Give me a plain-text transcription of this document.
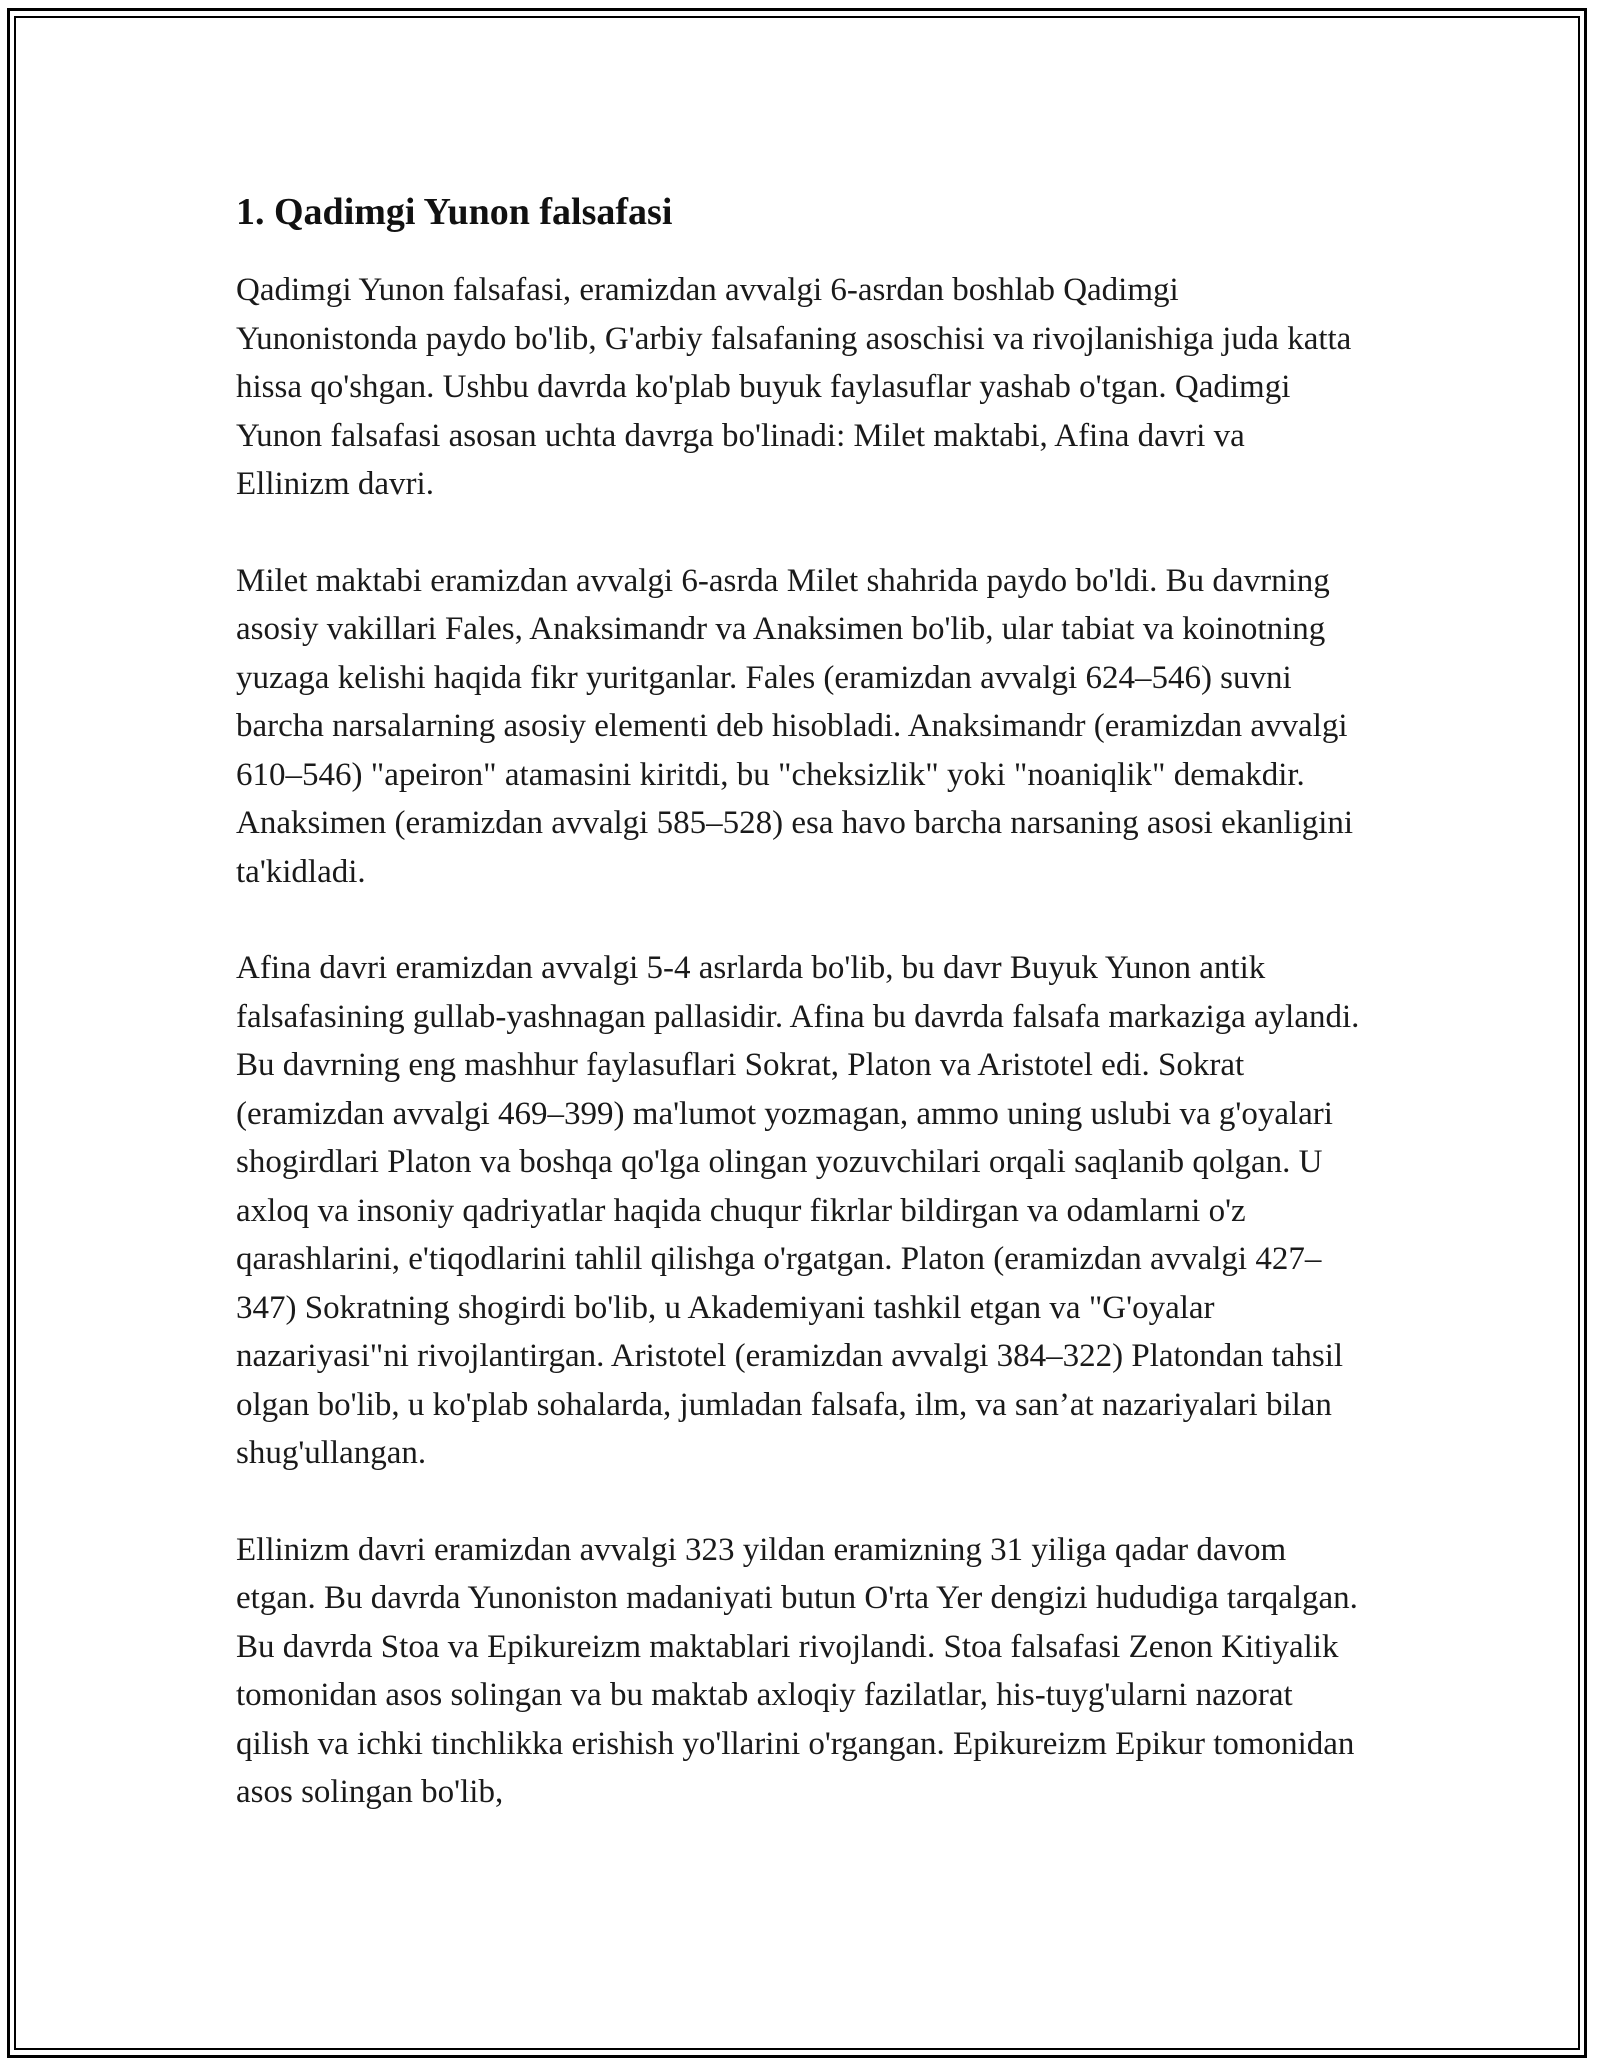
1. Qadimgi Yunon falsafasi

Qadimgi Yunon falsafasi, eramizdan avvalgi 6-asrdan boshlab Qadimgi Yunonistonda paydo bo'lib, G'arbiy falsafaning asoschisi va rivojlanishiga juda katta hissa qo'shgan. Ushbu davrda ko'plab buyuk faylasuflar yashab o'tgan. Qadimgi Yunon falsafasi asosan uchta davrga bo'linadi: Milet maktabi, Afina davri va Ellinizm davri.

Milet maktabi eramizdan avvalgi 6-asrda Milet shahrida paydo bo'ldi. Bu davrning asosiy vakillari Fales, Anaksimandr va Anaksimen bo'lib, ular tabiat va koinotning yuzaga kelishi haqida fikr yuritganlar. Fales (eramizdan avvalgi 624–546) suvni barcha narsalarning asosiy elementi deb hisobladi. Anaksimandr (eramizdan avvalgi 610–546) "apeiron" atamasini kiritdi, bu "cheksizlik" yoki "noaniqlik" demakdir. Anaksimen (eramizdan avvalgi 585–528) esa havo barcha narsaning asosi ekanligini ta'kidladi.

Afina davri eramizdan avvalgi 5-4 asrlarda bo'lib, bu davr Buyuk Yunon antik falsafasining gullab-yashnagan pallasidir. Afina bu davrda falsafa markaziga aylandi. Bu davrning eng mashhur faylasuflari Sokrat, Platon va Aristotel edi. Sokrat (eramizdan avvalgi 469–399) ma'lumot yozmagan, ammo uning uslubi va g'oyalari shogirdlari Platon va boshqa qo'lga olingan yozuvchilari orqali saqlanib qolgan. U axloq va insoniy qadriyatlar haqida chuqur fikrlar bildirgan va odamlarni o'z qarashlarini, e'tiqodlarini tahlil qilishga o'rgatgan. Platon (eramizdan avvalgi 427–347) Sokratning shogirdi bo'lib, u Akademiyani tashkil etgan va "G'oyalar nazariyasi"ni rivojlantirgan. Aristotel (eramizdan avvalgi 384–322) Platondan tahsil olgan bo'lib, u ko'plab sohalarda, jumladan falsafa, ilm, va san’at nazariyalari bilan shug'ullangan.

Ellinizm davri eramizdan avvalgi 323 yildan eramizning 31 yiliga qadar davom etgan. Bu davrda Yunoniston madaniyati butun O'rta Yer dengizi hududiga tarqalgan. Bu davrda Stoa va Epikureizm maktablari rivojlandi. Stoa falsafasi Zenon Kitiyalik tomonidan asos solingan va bu maktab axloqiy fazilatlar, his-tuyg'ularni nazorat qilish va ichki tinchlikka erishish yo'llarini o'rgangan. Epikureizm Epikur tomonidan asos solingan bo'lib,
